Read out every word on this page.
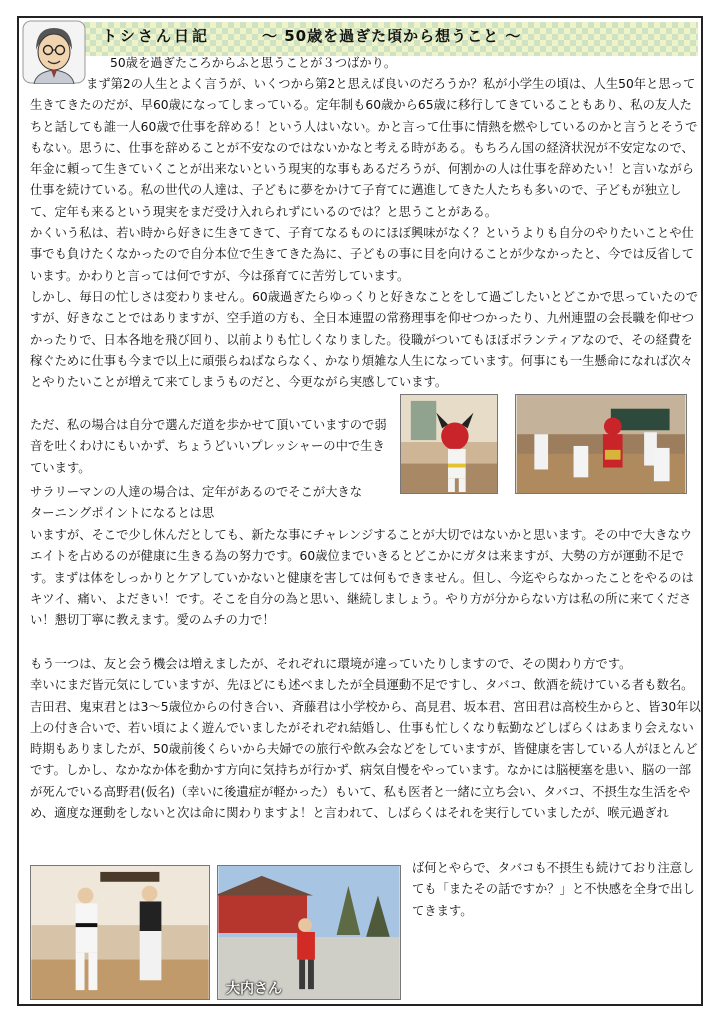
トシさん日記	～ 50歳を過ぎた頃から想うこと ～

50歳を過ぎたころからふと思うことが３つばかり。

まず第2の人生とよく言うが、いくつから第2と思えば良いのだろうか？私が小学生の頃は、人生50年と思って生きてきたのだが、早60歳になってしまっている。定年制も60歳から65歳に移行してきていることもあり、私の友人たちと話しても誰一人60歳で仕事を辞める！という人はいない。かと言って仕事に情熱を燃やしているのかと言うとそうでもない。思うに、仕事を辞めることが不安なのではないかなと考える時がある。もちろん国の経済状況が不安定なので、年金に頼って生きていくことが出来ないという現実的な事もあるだろうが、何割かの人は仕事を辞めたい！と言いながら仕事を続けている。私の世代の人達は、子どもに夢をかけて子育てに邁進してきた人たちも多いので、子どもが独立して、定年も来るという現実をまだ受け入れられずにいるのでは？と思うことがある。

かくいう私は、若い時から好きに生きてきて、子育てなるものにほぼ興味がなく？というよりも自分のやりたいことや仕事でも負けたくなかったので自分本位で生きてきた為に、子どもの事に目を向けることが少なかったと、今では反省しています。かわりと言っては何ですが、今は孫育てに苦労しています。

しかし、毎日の忙しさは変わりません。60歳過ぎたらゆっくりと好きなことをして過ごしたいとどこかで思っていたのですが、好きなことではありますが、空手道の方も、全日本連盟の常務理事を仰せつかったり、九州連盟の会長職を仰せつかったりで、日本各地を飛び回り、以前よりも忙しくなりました。役職がついてもほぼボランティアなので、その経費を稼ぐために仕事も今まで以上に頑張らねばならなく、かなり煩雑な人生になっています。何事にも一生懸命になれば次々とやりたいことが増えて来てしまうものだと、今更ながら実感しています。

ただ、私の場合は自分で選んだ道を歩かせて頂いていますので弱音を吐くわけにもいかず、ちょうどいいプレッシャーの中で生きています。

サラリーマンの人達の場合は、定年があるのでそこが大きなターニングポイントになるとは思

いますが、そこで少し休んだとしても、新たな事にチャレンジすることが大切ではないかと思います。その中で大きなウエイトを占めるのが健康に生きる為の努力です。60歳位までいきるとどこかにガタは来ますが、大勢の方が運動不足です。まずは体をしっかりとケアしていかないと健康を害しては何もできません。但し、今迄やらなかったことをやるのはキツイ、痛い、よだきい！です。そこを自分の為と思い、継続しましょう。やり方が分からない方は私の所に来てください！懇切丁寧に教えます。愛のムチの力で！

もう一つは、友と会う機会は増えましたが、それぞれに環境が違っていたりしますので、その関わり方です。

幸いにまだ皆元気にしていますが、先ほどにも述べましたが全員運動不足ですし、タバコ、飲酒を続けている者も数名。吉田君、鬼束君とは3～5歳位からの付き合い、斉藤君は小学校から、高見君、坂本君、宮田君は高校生からと、皆30年以上の付き合いで、若い頃によく遊んでいましたがそれぞれ結婚し、仕事も忙しくなり転勤などしばらくはあまり会えない時期もありましたが、50歳前後くらいから夫婦での旅行や飲み会などをしていますが、皆健康を害している人がほとんどです。しかし、なかなか体を動かす方向に気持ちが行かず、病気自慢をやっています。なかには脳梗塞を患い、脳の一部が死んでいる高野君(仮名)（幸いに後遺症が軽かった）もいて、私も医者と一緒に立ち会い、タバコ、不摂生な生活をやめ、適度な運動をしないと次は命に関わりますよ！と言われて、しばらくはそれを実行していましたが、喉元過ぎれ

ば何とやらで、タバコも不摂生も続けており注意しても「またその話ですか？」と不快感を全身で出してきます。

大内さん
